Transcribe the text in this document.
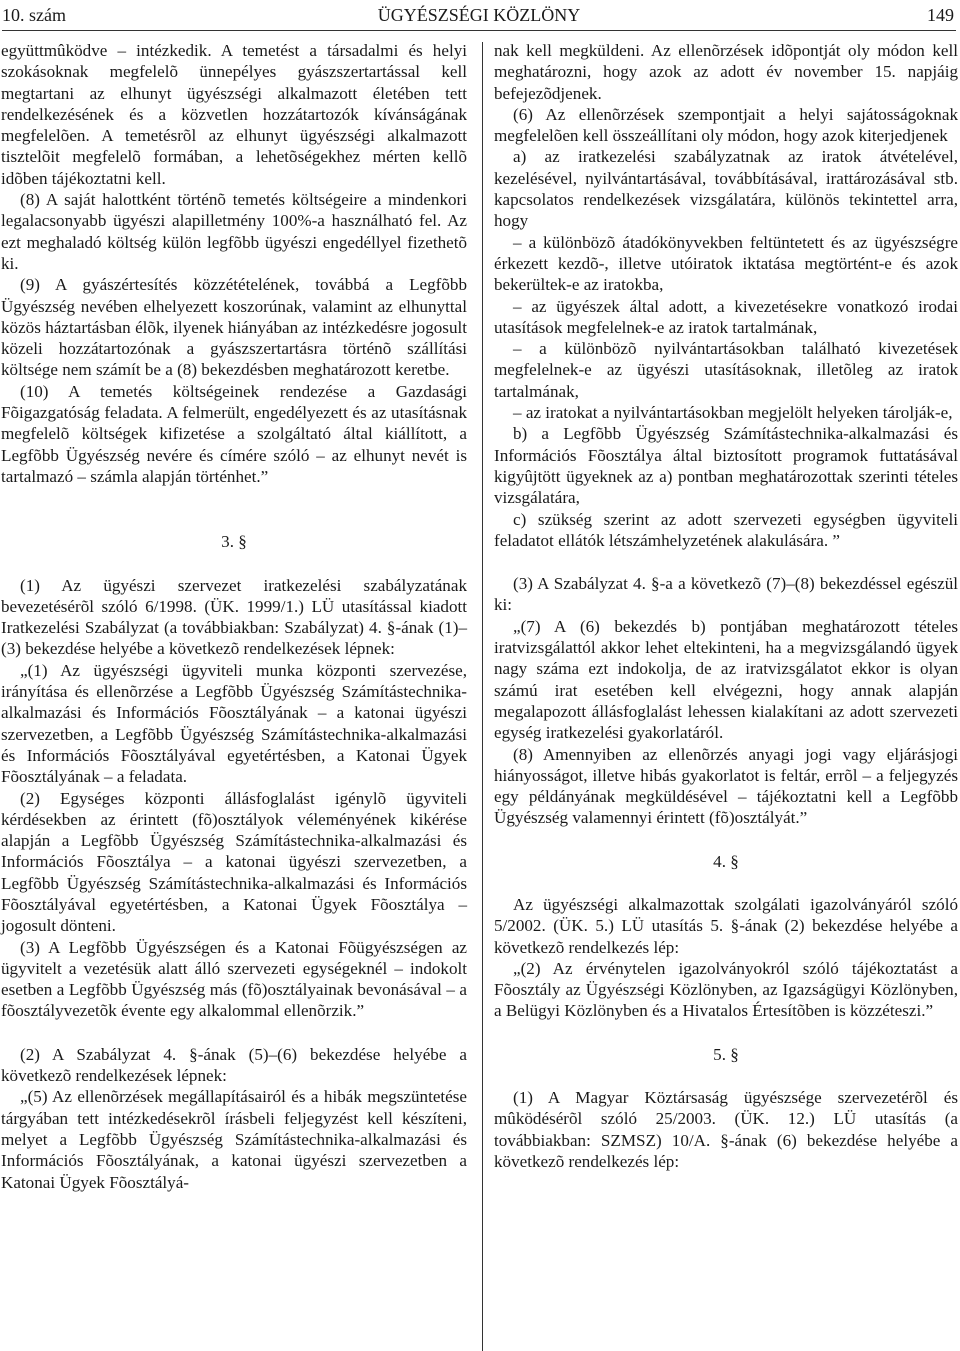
10. szám	ÜGYÉSZSÉGI KÖZLÖNY	149

együttmûködve – intézkedik. A temetést a társadalmi és helyi szokásoknak megfelelõ ünnepélyes gyászszertartással kell megtartani az elhunyt ügyészségi alkalmazott életében tett rendelkezésének és a közvetlen hozzátartozók kívánságának megfelelõen. A temetésrõl az elhunyt ügyészségi alkalmazott tisztelõit megfelelõ formában, a lehetõségekhez mérten kellõ idõben tájékoztatni kell.

(8) A saját halottként történõ temetés költségeire a mindenkori legalacsonyabb ügyészi alapilletmény 100%-a használható fel. Az ezt meghaladó költség külön legfõbb ügyészi engedéllyel fizethetõ ki.

(9) A gyászértesítés közzétételének, továbbá a Legfõbb Ügyészség nevében elhelyezett koszorúnak, valamint az elhunyttal közös háztartásban élõk, ilyenek hiányában az intézkedésre jogosult közeli hozzátartozónak a gyászszertartásra történõ szállítási költsége nem számít be a (8) bekezdésben meghatározott keretbe.

(10) A temetés költségeinek rendezése a Gazdasági Fõigazgatóság feladata. A felmerült, engedélyezett és az utasításnak megfelelõ költségek kifizetése a szolgáltató által kiállított, a Legfõbb Ügyészség nevére és címére szóló – az elhunyt nevét is tartalmazó – számla alapján történhet.”

3. §

(1) Az ügyészi szervezet iratkezelési szabályzatának bevezetésérõl szóló 6/1998. (ÜK. 1999/1.) LÜ utasítással kiadott Iratkezelési Szabályzat (a továbbiakban: Szabályzat) 4. §-ának (1)–(3) bekezdése helyébe a következõ rendelkezések lépnek:

„(1) Az ügyészségi ügyviteli munka központi szervezése, irányítása és ellenõrzése a Legfõbb Ügyészség Számítástechnika-alkalmazási és Információs Fõosztályának – a katonai ügyészi szervezetben, a Legfõbb Ügyészség Számítástechnika-alkalmazási és Információs Fõosztályával egyetértésben, a Katonai Ügyek Fõosztályának – a feladata.

(2) Egységes központi állásfoglalást igénylõ ügyviteli kérdésekben az érintett (fõ)osztályok véleményének kikérése alapján a Legfõbb Ügyészség Számítástechnika-alkalmazási és Információs Fõosztálya – a katonai ügyészi szervezetben, a Legfõbb Ügyészség Számítástechnika-alkalmazási és Információs Fõosztályával egyetértésben, a Katonai Ügyek Fõosztálya – jogosult dönteni.

(3) A Legfõbb Ügyészségen és a Katonai Fõügyészségen az ügyvitelt a vezetésük alatt álló szervezeti egységeknél – indokolt esetben a Legfõbb Ügyészség más (fõ)osztályainak bevonásával – a fõosztályvezetõk évente egy alkalommal ellenõrzik.”

(2) A Szabályzat 4. §-ának (5)–(6) bekezdése helyébe a következõ rendelkezések lépnek:

„(5) Az ellenõrzések megállapításairól és a hibák megszüntetése tárgyában tett intézkedésekrõl írásbeli feljegyzést kell készíteni, melyet a Legfõbb Ügyészség Számítástechnika-alkalmazási és Információs Fõosztályának, a katonai ügyészi szervezetben a Katonai Ügyek Fõosztályá-

nak kell megküldeni. Az ellenõrzések idõpontját oly módon kell meghatározni, hogy azok az adott év november 15. napjáig befejezõdjenek.

(6) Az ellenõrzések szempontjait a helyi sajátosságoknak megfelelõen kell összeállítani oly módon, hogy azok kiterjedjenek

a) az iratkezelési szabályzatnak az iratok átvételével, kezelésével, nyilvántartásával, továbbításával, irattározásával stb. kapcsolatos rendelkezések vizsgálatára, különös tekintettel arra, hogy

– a különbözõ átadókönyvekben feltüntetett és az ügyészségre érkezett kezdõ-, illetve utóiratok iktatása megtörtént-e és azok bekerültek-e az iratokba,

– az ügyészek által adott, a kivezetésekre vonatkozó irodai utasítások megfelelnek-e az iratok tartalmának,

– a különbözõ nyilvántartásokban található kivezetések megfelelnek-e az ügyészi utasításoknak, illetõleg az iratok tartalmának,

– az iratokat a nyilvántartásokban megjelölt helyeken tárolják-e,

b) a Legfõbb Ügyészség Számítástechnika-alkalmazási és Információs Fõosztálya által biztosított programok futtatásával kigyûjtött ügyeknek az a) pontban meghatározottak szerinti tételes vizsgálatára,

c) szükség szerint az adott szervezeti egységben ügyviteli feladatot ellátók létszámhelyzetének alakulására. ”

(3) A Szabályzat 4. §-a a következõ (7)–(8) bekezdéssel egészül ki:

„(7) A (6) bekezdés b) pontjában meghatározott tételes iratvizsgálattól akkor lehet eltekinteni, ha a megvizsgálandó ügyek nagy száma ezt indokolja, de az iratvizsgálatot ekkor is olyan számú irat esetében kell elvégezni, hogy annak alapján megalapozott állásfoglalást lehessen kialakítani az adott szervezeti egység iratkezelési gyakorlatáról.

(8) Amennyiben az ellenõrzés anyagi jogi vagy eljárásjogi hiányosságot, illetve hibás gyakorlatot is feltár, errõl – a feljegyzés egy példányának megküldésével – tájékoztatni kell a Legfõbb Ügyészség valamennyi érintett (fõ)osztályát.”

4. §

Az ügyészségi alkalmazottak szolgálati igazolványáról szóló 5/2002. (ÜK. 5.) LÜ utasítás 5. §-ának (2) bekezdése helyébe a következõ rendelkezés lép:

„(2) Az érvénytelen igazolványokról szóló tájékoztatást a Fõosztály az Ügyészségi Közlönyben, az Igazságügyi Közlönyben, a Belügyi Közlönyben és a Hivatalos Értesítõben is közzéteszi.”

5. §

(1) A Magyar Köztársaság ügyészsége szervezetérõl és mûködésérõl szóló 25/2003. (ÜK. 12.) LÜ utasítás (a továbbiakban: SZMSZ) 10/A. §-ának (6) bekezdése helyébe a következõ rendelkezés lép:
